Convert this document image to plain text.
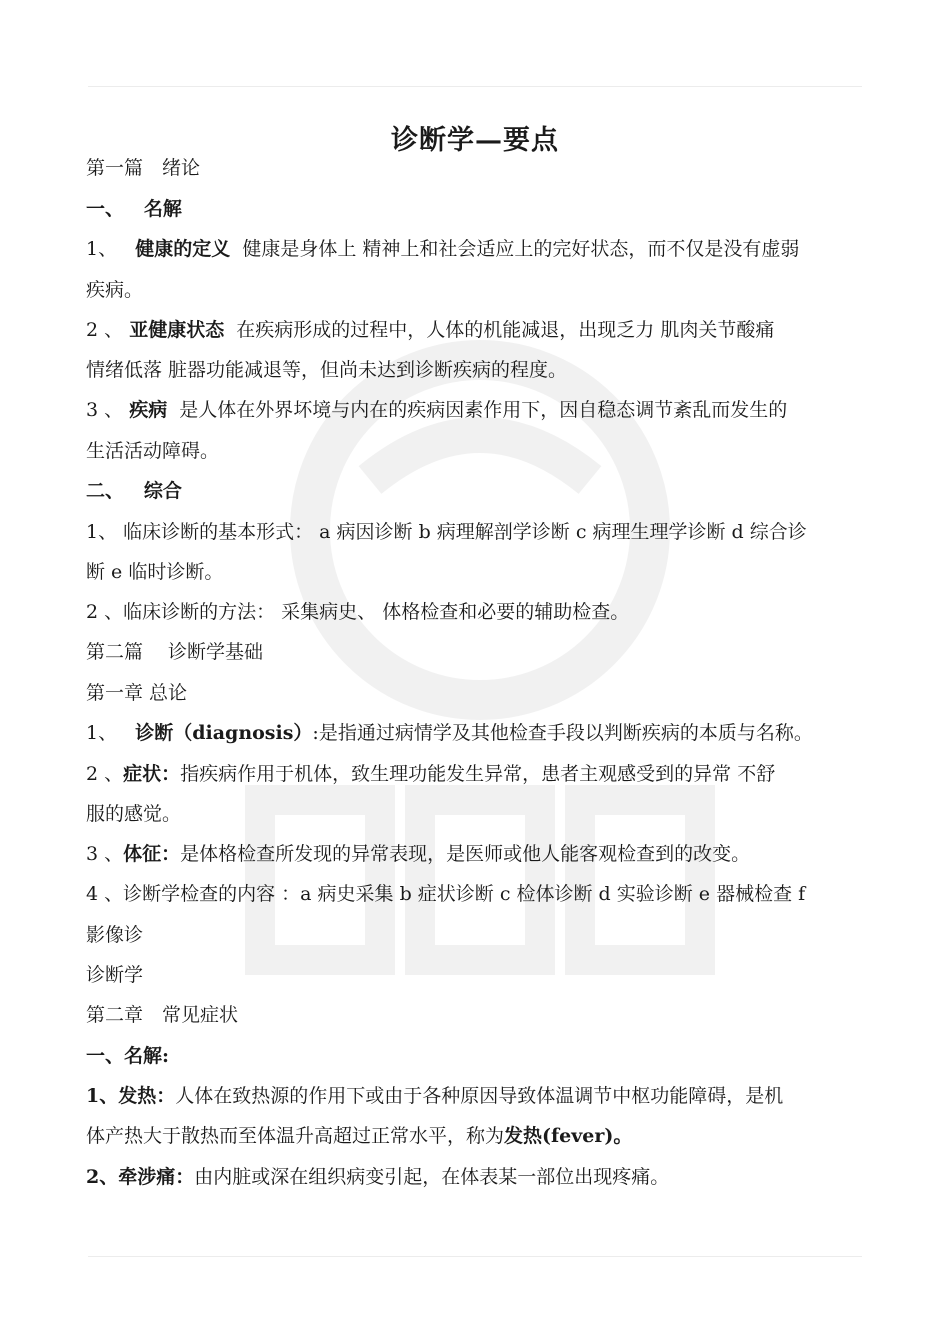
诊断学—要点
第一篇　绪论
一、 名解
1、 健康的定义 健康是身体上 精神上和社会适应上的完好状态，而不仅是没有虚弱
疾病。
2 、 亚健康状态 在疾病形成的过程中，人体的机能减退，出现乏力 肌肉关节酸痛
情绪低落 脏器功能减退等，但尚未达到诊断疾病的程度。
3 、 疾病 是人体在外界坏境与内在的疾病因素作用下，因自稳态调节紊乱而发生的
生活活动障碍。
二、 综合
1、 临床诊断的基本形式： a 病因诊断 b 病理解剖学诊断 c 病理生理学诊断 d 综合诊
断 e 临时诊断。
2 、临床诊断的方法： 采集病史、 体格检查和必要的辅助检查。
第二篇　 诊断学基础
第一章 总论
1、 诊断（diagnosis）:是指通过病情学及其他检查手段以判断疾病的本质与名称。
2 、症状：指疾病作用于机体，致生理功能发生异常，患者主观感受到的异常 不舒
服的感觉。
3 、体征：是体格检查所发现的异常表现，是医师或他人能客观检查到的改变。
4 、诊断学检查的内容 ：a 病史采集 b 症状诊断 c 检体诊断 d 实验诊断 e 器械检查 f
影像诊
诊断学
第二章　常见症状
一、名解:
1、发热：人体在致热源的作用下或由于各种原因导致体温调节中枢功能障碍，是机
体产热大于散热而至体温升高超过正常水平，称为发热(fever)。
2、牵涉痛：由内脏或深在组织病变引起，在体表某一部位出现疼痛。
